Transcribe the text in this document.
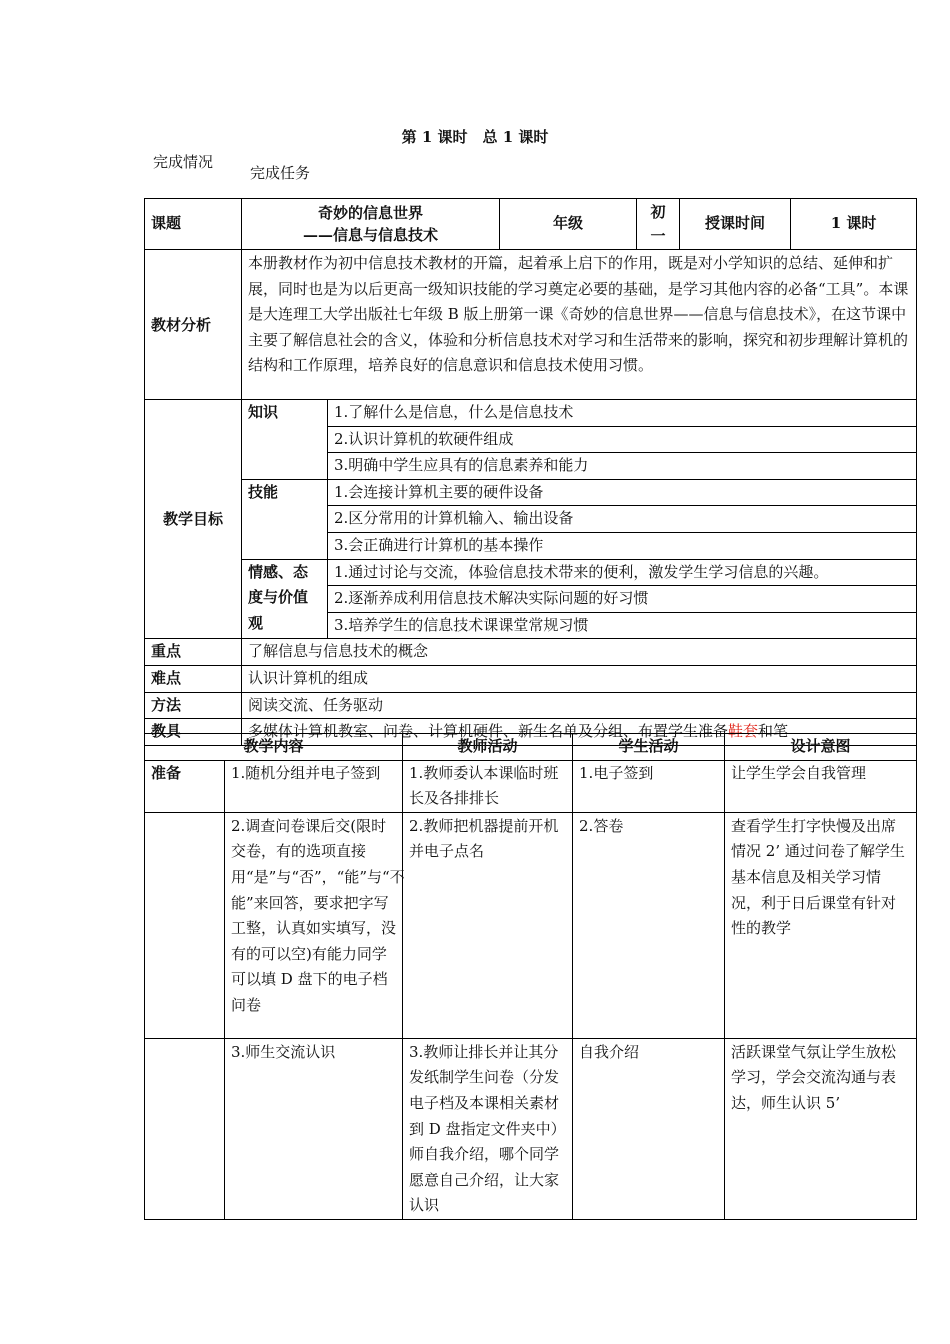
第 1 课时　总 1 课时
完成情况
完成任务
课题	奇妙的信息世界
——信息与信息技术		年级	初一	授课时间	1 课时
教材分析	本册教材作为初中信息技术教材的开篇，起着承上启下的作用，既是对小学知识的总结、延伸和扩展，同时也是为以后更高一级知识技能的学习奠定必要的基础，是学习其他内容的必备“工具”。本课是大连理工大学出版社七年级 B 版上册第一课《奇妙的信息世界——信息与信息技术》，在这节课中主要了解信息社会的含义，体验和分析信息技术对学习和生活带来的影响，探究和初步理解计算机的结构和工作原理，培养良好的信息意识和信息技术使用习惯。					
教学目标	知识	1.了解什么是信息，什么是信息技术				
		2.认识计算机的软硬件组成				
		3.明确中学生应具有的信息素养和能力				
	技能	1.会连接计算机主要的硬件设备				
		2.区分常用的计算机输入、输出设备				
		3.会正确进行计算机的基本操作				
	情感、态度与价值观	1.通过讨论与交流，体验信息技术带来的便利，激发学生学习信息的兴趣。				
		2.逐渐养成利用信息技术解决实际问题的好习惯				
		3.培养学生的信息技术课课堂常规习惯				
重点	了解信息与信息技术的概念					
难点	认识计算机的组成					
方法	阅读交流、任务驱动					
教具	多媒体计算机教室、问卷、计算机硬件、新生名单及分组、布置学生准备鞋套和笔					
教学内容		教师活动	学生活动	设计意图
准备	1.随机分组并电子签到	1.教师委认本课临时班长及各排排长	1.电子签到	让学生学会自我管理
	2.调查问卷课后交(限时交卷，有的选项直接用“是”与“否”，“能”与“不能”来回答，要求把字写工整，认真如实填写，没有的可以空)有能力同学可以填 D 盘下的电子档问卷	2.教师把机器提前开机并电子点名	2.答卷	查看学生打字快慢及出席情况 2’ 通过问卷了解学生基本信息及相关学习情况，利于日后课堂有针对性的教学
	3.师生交流认识	3.教师让排长并让其分发纸制学生问卷（分发电子档及本课相关素材到 D 盘指定文件夹中）师自我介绍，哪个同学愿意自己介绍，让大家认识	自我介绍	活跃课堂气氛让学生放松学习，学会交流沟通与表达，师生认识 5’
